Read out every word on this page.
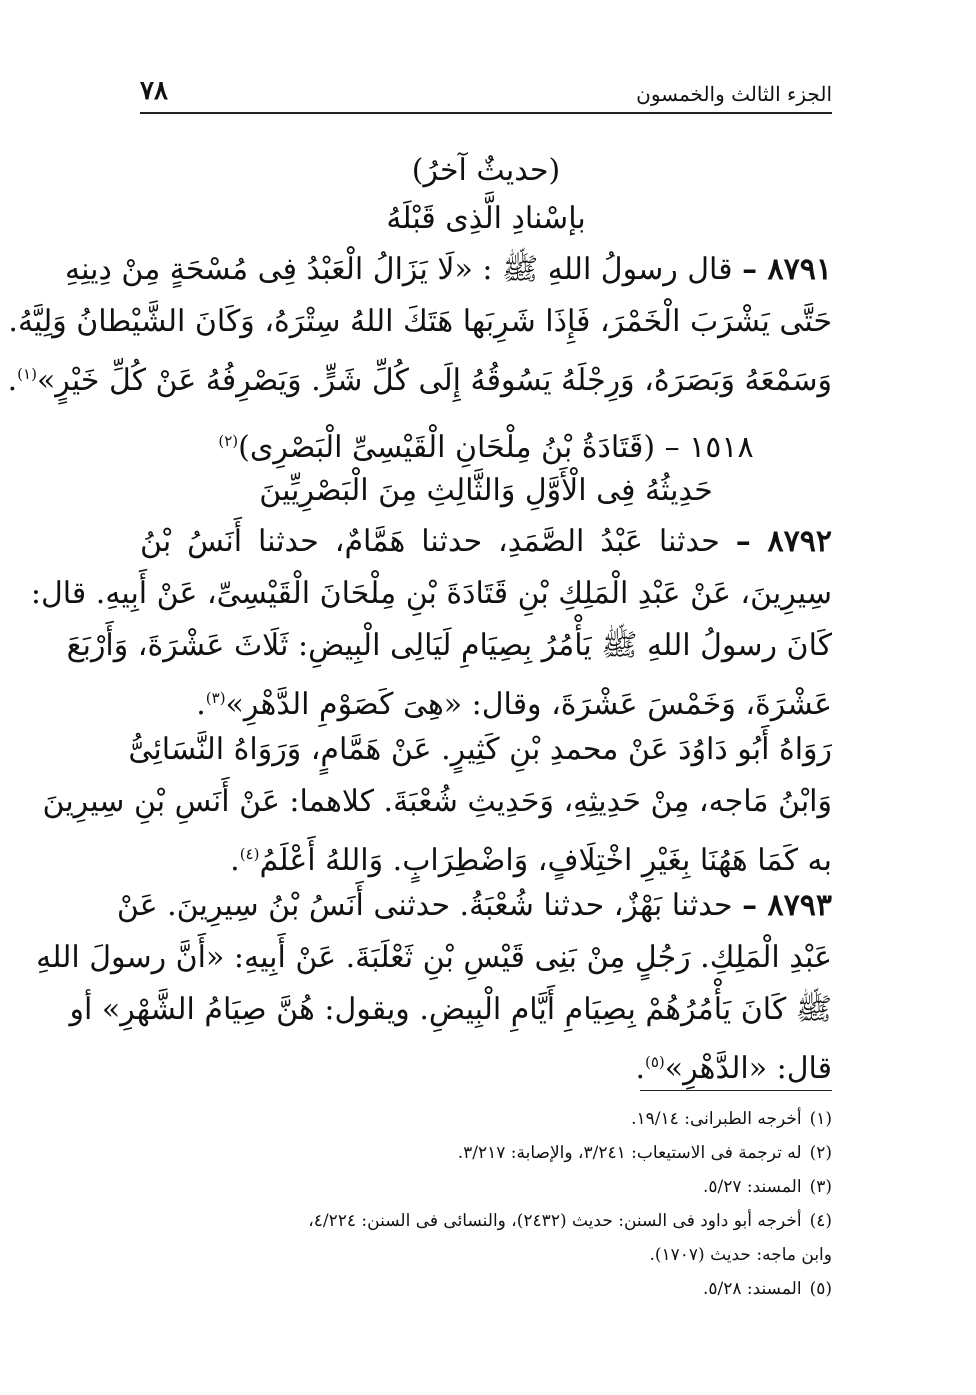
الجزء الثالث والخمسون
٧٨
(حديثٌ آخرُ)
بإسْنادِ الَّذِى قَبْلَهُ
٨٧٩١ – قال رسولُ اللهِ ﷺ : «لَا يَزَالُ الْعَبْدُ فِى مُسْحَةٍ مِنْ دِينِهِ
حَتَّى يَشْرَبَ الْخَمْرَ، فَإِذَا شَرِبَها هَتَكَ اللهُ سِتْرَهُ، وَكَانَ الشَّيْطانُ وَلِيَّهُ.
وَسَمْعَهُ وَبَصَرَهُ، وَرِجْلَهُ يَسُوقُهُ إِلَى كُلِّ شَرٍّ. وَيَصْرِفُهُ عَنْ كُلِّ خَيْرٍ»$^{(١)}$.
١٥١٨ – (قَتَادَةُ بْنُ مِلْحَانِ الْقَيْسِىِّ الْبَصْرِى)$^{(٢)}$
حَدِيثُهُ فِى الْأَوَّلِ وَالثَّالِثِ مِنَ الْبَصْرِيِّينَ
٨٧٩٢ – حدثنا عَبْدُ الصَّمَدِ، حدثنا هَمَّامٌ، حدثنا أَنَسُ بْنُ
سِيرِينَ، عَنْ عَبْدِ الْمَلِكِ بْنِ قَتَادَةَ بْنِ مِلْحَانَ الْقَيْسِىِّ، عَنْ أَبِيهِ. قال:
كَانَ رسولُ اللهِ ﷺ يَأْمُرُ بِصِيَامِ لَيَالِى الْبِيضِ: ثَلَاثَ عَشْرَةَ، وَأَرْبَعَ
عَشْرَةَ، وَخَمْسَ عَشْرَةَ، وقال: «هِىَ كَصَوْمِ الدَّهْرِ»$^{(٣)}$.
رَوَاهُ أَبُو دَاوُدَ عَنْ محمدِ بْنِ كَثِيرٍ. عَنْ هَمَّامٍ، وَرَوَاهُ النَّسَائِىُّ
وَابْنُ مَاجه، مِنْ حَدِيثِهِ، وَحَدِيثِ شُعْبَةَ. كلاهما: عَنْ أَنَسِ بْنِ سِيرِينَ
به كَمَا هَهُنَا بِغَيْرِ اخْتِلَافٍ، وَاضْطِرَابٍ. وَاللهُ أَعْلَمُ$^{(٤)}$.
٨٧٩٣ – حدثنا بَهْزٌ، حدثنا شُعْبَةُ. حدثنى أَنَسُ بْنُ سِيرِينَ. عَنْ
عَبْدِ الْمَلِكِ. رَجُلٍ مِنْ بَنِى قَيْسِ بْنِ ثَعْلَبَةَ. عَنْ أَبِيهِ: «أَنَّ رسولَ اللهِ
ﷺ كَانَ يَأْمُرُهُمْ بِصِيَامِ أَيَّامِ الْبِيضِ. ويقول: هُنَّ صِيَامُ الشَّهْرِ» أو
قال: «الدَّهْرِ»$^{(٥)}$.
(١)أخرجه الطبرانى: ١٩/١٤.
(٢)له ترجمة فى الاستيعاب: ٣/٢٤١، والإصابة: ٣/٢١٧.
(٣)المسند: ٥/٢٧.
(٤)أخرجه أبو داود فى السنن: حديث (٢٤٣٢)، والنسائى فى السنن: ٤/٢٢٤،
وابن ماجه: حديث (١٧٠٧).
(٥)المسند: ٥/٢٨.
